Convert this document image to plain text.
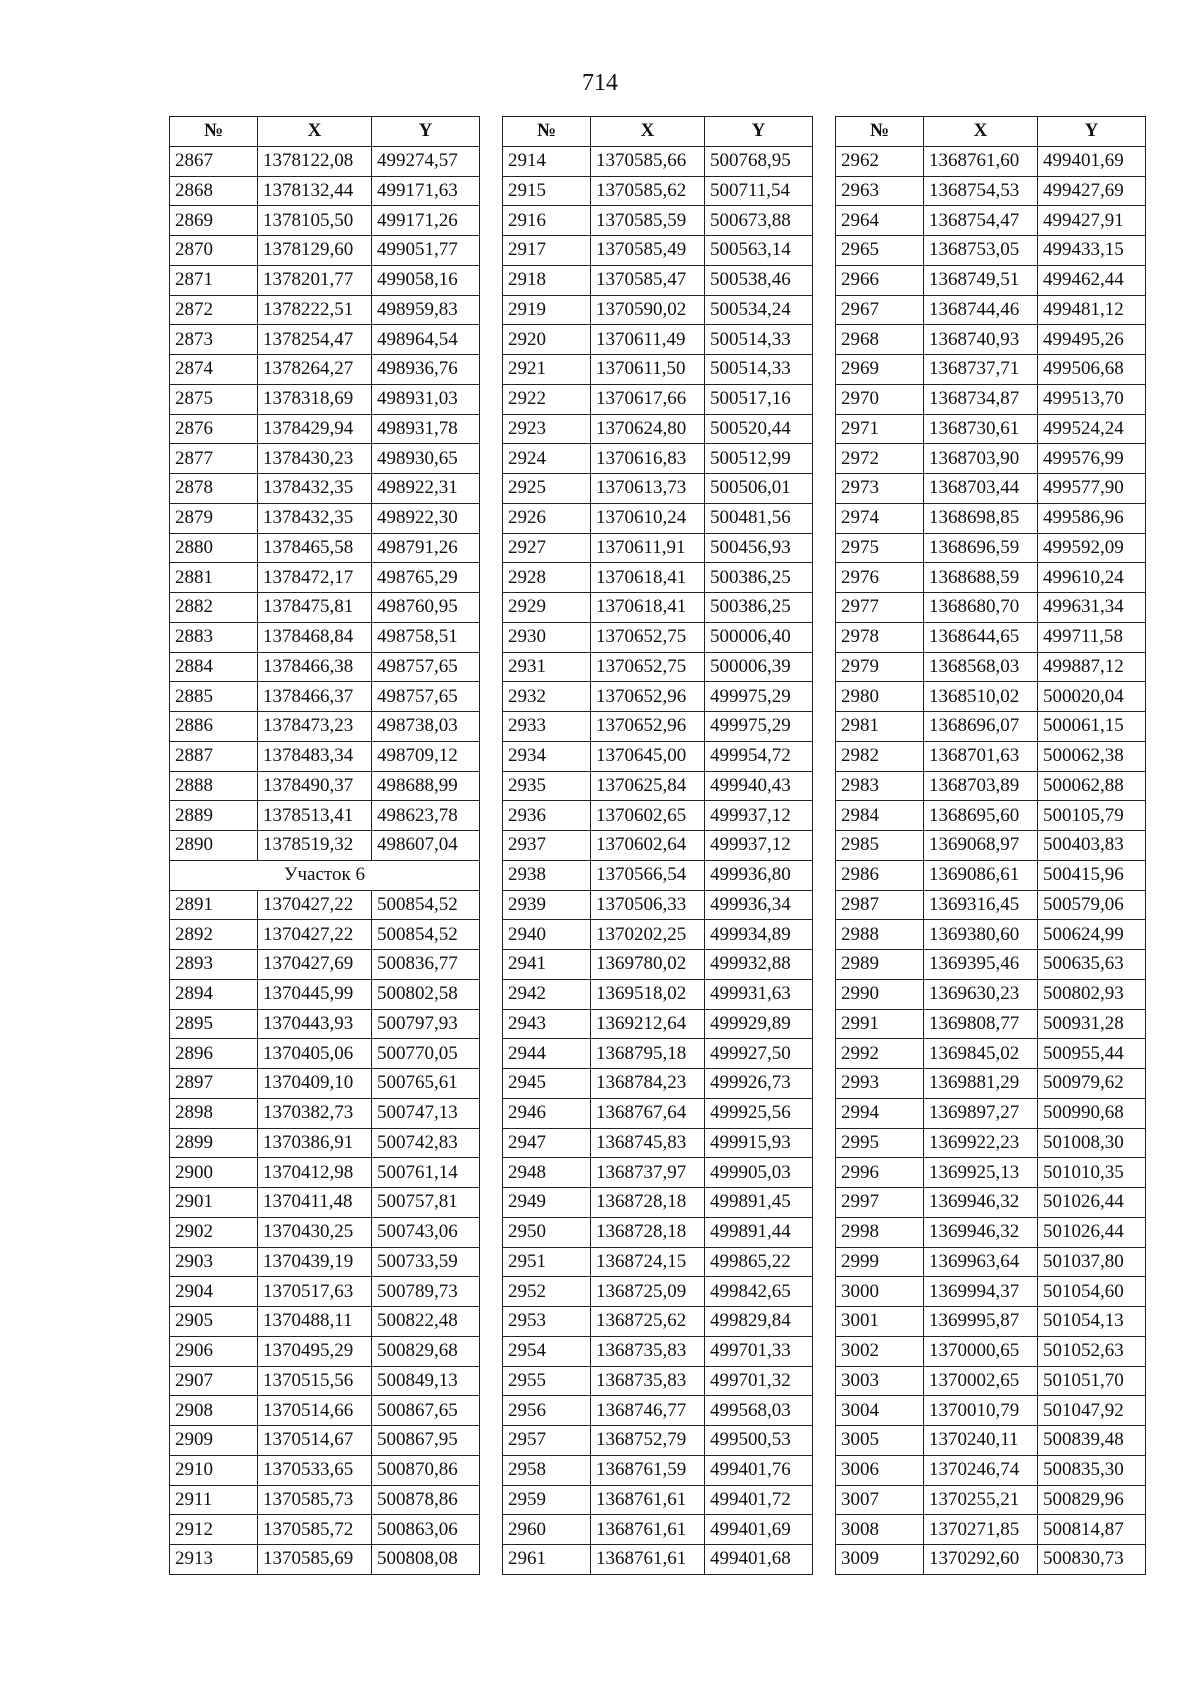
714
№	X	Y
2867	1378122,08	499274,57
2868	1378132,44	499171,63
2869	1378105,50	499171,26
2870	1378129,60	499051,77
2871	1378201,77	499058,16
2872	1378222,51	498959,83
2873	1378254,47	498964,54
2874	1378264,27	498936,76
2875	1378318,69	498931,03
2876	1378429,94	498931,78
2877	1378430,23	498930,65
2878	1378432,35	498922,31
2879	1378432,35	498922,30
2880	1378465,58	498791,26
2881	1378472,17	498765,29
2882	1378475,81	498760,95
2883	1378468,84	498758,51
2884	1378466,38	498757,65
2885	1378466,37	498757,65
2886	1378473,23	498738,03
2887	1378483,34	498709,12
2888	1378490,37	498688,99
2889	1378513,41	498623,78
2890	1378519,32	498607,04
Участок 6		
2891	1370427,22	500854,52
2892	1370427,22	500854,52
2893	1370427,69	500836,77
2894	1370445,99	500802,58
2895	1370443,93	500797,93
2896	1370405,06	500770,05
2897	1370409,10	500765,61
2898	1370382,73	500747,13
2899	1370386,91	500742,83
2900	1370412,98	500761,14
2901	1370411,48	500757,81
2902	1370430,25	500743,06
2903	1370439,19	500733,59
2904	1370517,63	500789,73
2905	1370488,11	500822,48
2906	1370495,29	500829,68
2907	1370515,56	500849,13
2908	1370514,66	500867,65
2909	1370514,67	500867,95
2910	1370533,65	500870,86
2911	1370585,73	500878,86
2912	1370585,72	500863,06
2913	1370585,69	500808,08
№	X	Y
2914	1370585,66	500768,95
2915	1370585,62	500711,54
2916	1370585,59	500673,88
2917	1370585,49	500563,14
2918	1370585,47	500538,46
2919	1370590,02	500534,24
2920	1370611,49	500514,33
2921	1370611,50	500514,33
2922	1370617,66	500517,16
2923	1370624,80	500520,44
2924	1370616,83	500512,99
2925	1370613,73	500506,01
2926	1370610,24	500481,56
2927	1370611,91	500456,93
2928	1370618,41	500386,25
2929	1370618,41	500386,25
2930	1370652,75	500006,40
2931	1370652,75	500006,39
2932	1370652,96	499975,29
2933	1370652,96	499975,29
2934	1370645,00	499954,72
2935	1370625,84	499940,43
2936	1370602,65	499937,12
2937	1370602,64	499937,12
2938	1370566,54	499936,80
2939	1370506,33	499936,34
2940	1370202,25	499934,89
2941	1369780,02	499932,88
2942	1369518,02	499931,63
2943	1369212,64	499929,89
2944	1368795,18	499927,50
2945	1368784,23	499926,73
2946	1368767,64	499925,56
2947	1368745,83	499915,93
2948	1368737,97	499905,03
2949	1368728,18	499891,45
2950	1368728,18	499891,44
2951	1368724,15	499865,22
2952	1368725,09	499842,65
2953	1368725,62	499829,84
2954	1368735,83	499701,33
2955	1368735,83	499701,32
2956	1368746,77	499568,03
2957	1368752,79	499500,53
2958	1368761,59	499401,76
2959	1368761,61	499401,72
2960	1368761,61	499401,69
2961	1368761,61	499401,68
№	X	Y
2962	1368761,60	499401,69
2963	1368754,53	499427,69
2964	1368754,47	499427,91
2965	1368753,05	499433,15
2966	1368749,51	499462,44
2967	1368744,46	499481,12
2968	1368740,93	499495,26
2969	1368737,71	499506,68
2970	1368734,87	499513,70
2971	1368730,61	499524,24
2972	1368703,90	499576,99
2973	1368703,44	499577,90
2974	1368698,85	499586,96
2975	1368696,59	499592,09
2976	1368688,59	499610,24
2977	1368680,70	499631,34
2978	1368644,65	499711,58
2979	1368568,03	499887,12
2980	1368510,02	500020,04
2981	1368696,07	500061,15
2982	1368701,63	500062,38
2983	1368703,89	500062,88
2984	1368695,60	500105,79
2985	1369068,97	500403,83
2986	1369086,61	500415,96
2987	1369316,45	500579,06
2988	1369380,60	500624,99
2989	1369395,46	500635,63
2990	1369630,23	500802,93
2991	1369808,77	500931,28
2992	1369845,02	500955,44
2993	1369881,29	500979,62
2994	1369897,27	500990,68
2995	1369922,23	501008,30
2996	1369925,13	501010,35
2997	1369946,32	501026,44
2998	1369946,32	501026,44
2999	1369963,64	501037,80
3000	1369994,37	501054,60
3001	1369995,87	501054,13
3002	1370000,65	501052,63
3003	1370002,65	501051,70
3004	1370010,79	501047,92
3005	1370240,11	500839,48
3006	1370246,74	500835,30
3007	1370255,21	500829,96
3008	1370271,85	500814,87
3009	1370292,60	500830,73
